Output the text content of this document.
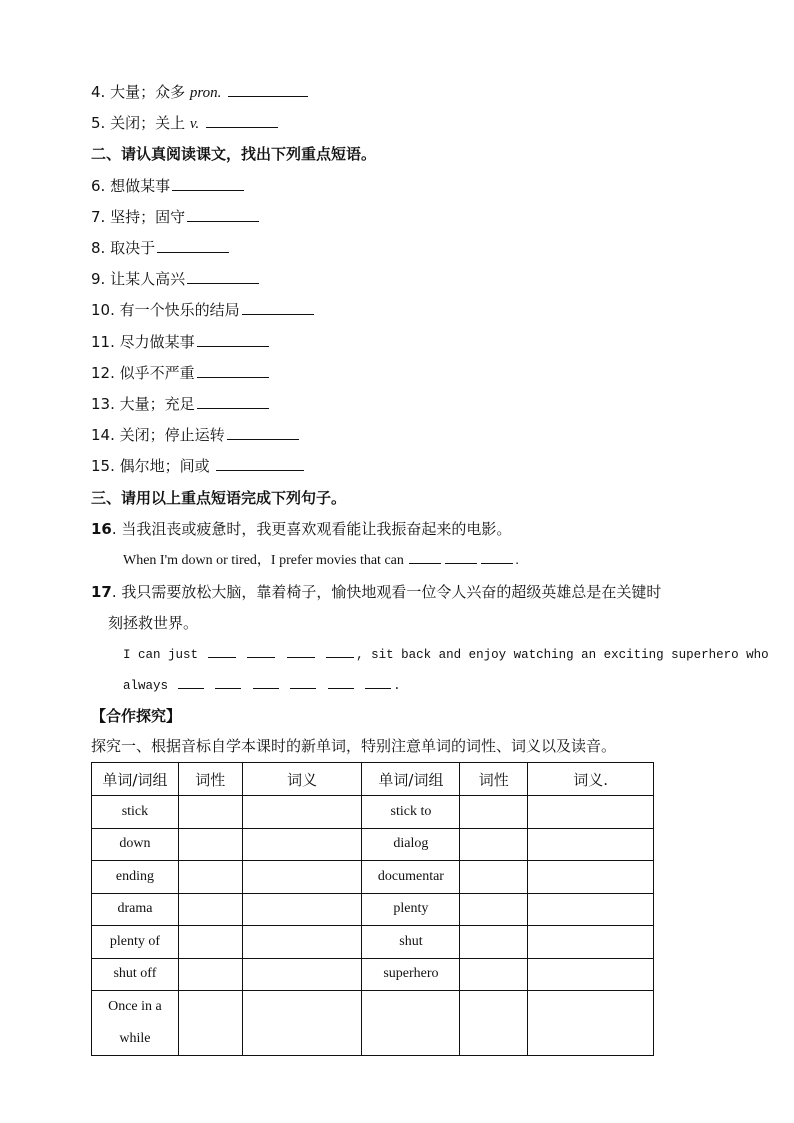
4. 大量；众多 pron.
5. 关闭；关上 v.
二、请认真阅读课文，找出下列重点短语。
6. 想做某事
7. 坚持；固守
8. 取决于
9. 让某人高兴
10. 有一个快乐的结局
11. 尽力做某事
12. 似乎不严重
13. 大量；充足
14. 关闭；停止运转
15. 偶尔地；间或
三、请用以上重点短语完成下列句子。
16. 当我沮丧或疲惫时，我更喜欢观看能让我振奋起来的电影。
When I'm down or tired，I prefer movies that can	.
17. 我只需要放松大脑，靠着椅子，愉快地观看一位令人兴奋的超级英雄总是在关键时
刻拯救世界。
I can just	, sit back and enjoy watching an exciting superhero who
always	.
【合作探究】
探究一、根据音标自学本课时的新单词，特别注意单词的词性、词义以及读音。
单词/词组	词性	词义	单词/词组	词性	词义.
stick			stick to		
down			dialog		
ending			documentar		
drama			plenty		
plenty of			shut		
shut off			superhero		
Once in a while					
